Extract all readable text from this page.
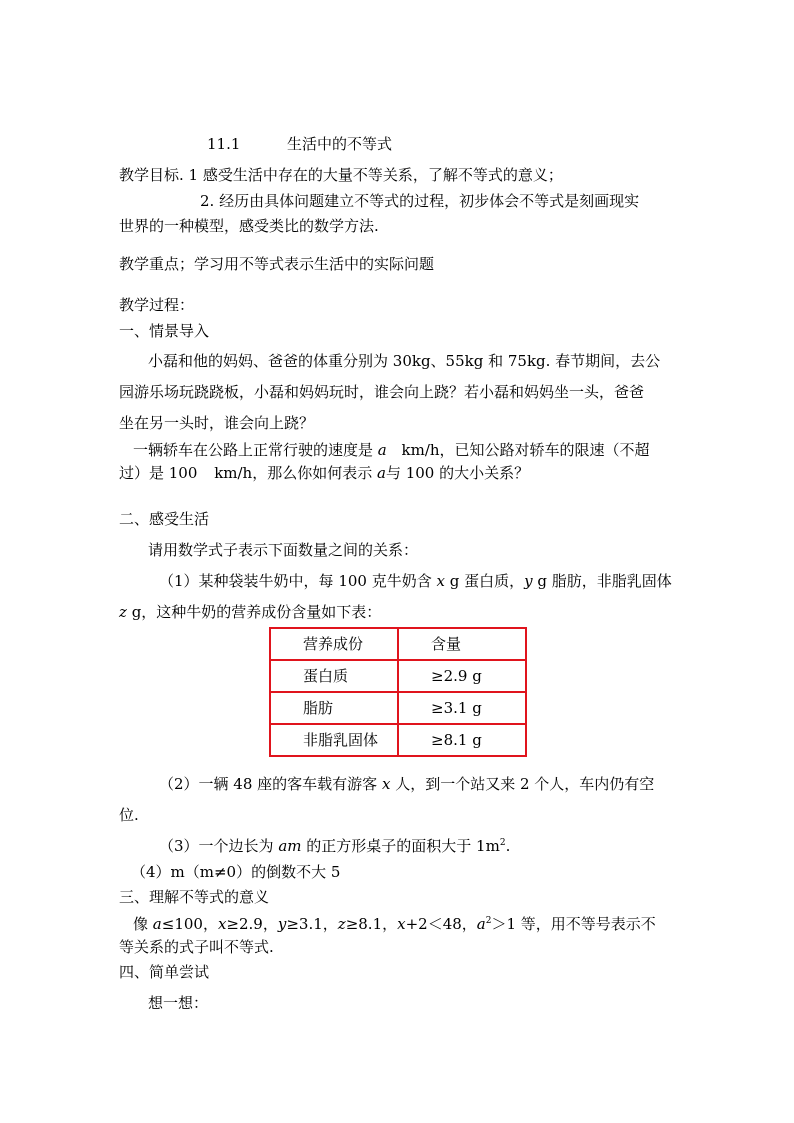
11.1	生活中的不等式
教学目标. 1 感受生活中存在的大量不等关系，了解不等式的意义；
2. 经历由具体问题建立不等式的过程，初步体会不等式是刻画现实
世界的一种模型，感受类比的数学方法.
教学重点；学习用不等式表示生活中的实际问题
教学过程：
一、情景导入
小磊和他的妈妈、爸爸的体重分别为 30kg、55kg 和 75kg. 春节期间，去公
园游乐场玩跷跷板，小磊和妈妈玩时，谁会向上跷？若小磊和妈妈坐一头，爸爸
坐在另一头时，谁会向上跷？
一辆轿车在公路上正常行驶的速度是 a km/h，已知公路对轿车的限速（不超
过）是 100 km/h，那么你如何表示 a与 100 的大小关系？
二、感受生活
请用数学式子表示下面数量之间的关系：
（1）某种袋装牛奶中，每 100 克牛奶含 x g 蛋白质，y g 脂肪，非脂乳固体
z g，这种牛奶的营养成份含量如下表：
营养成份	含量
蛋白质	≥2.9 g
脂肪	≥3.1 g
非脂乳固体	≥8.1 g
（2）一辆 48 座的客车载有游客 x 人，到一个站又来 2 个人，车内仍有空
位.
（3）一个边长为 am 的正方形桌子的面积大于 $1m^2$.
（4）m（m≠0）的倒数不大 5
三、理解不等式的意义
像 a≤100，x≥2.9，y≥3.1，z≥8.1，x+2＜48，$a^2>1$ 等，用不等号表示不
等关系的式子叫不等式.
四、简单尝试
想一想：
